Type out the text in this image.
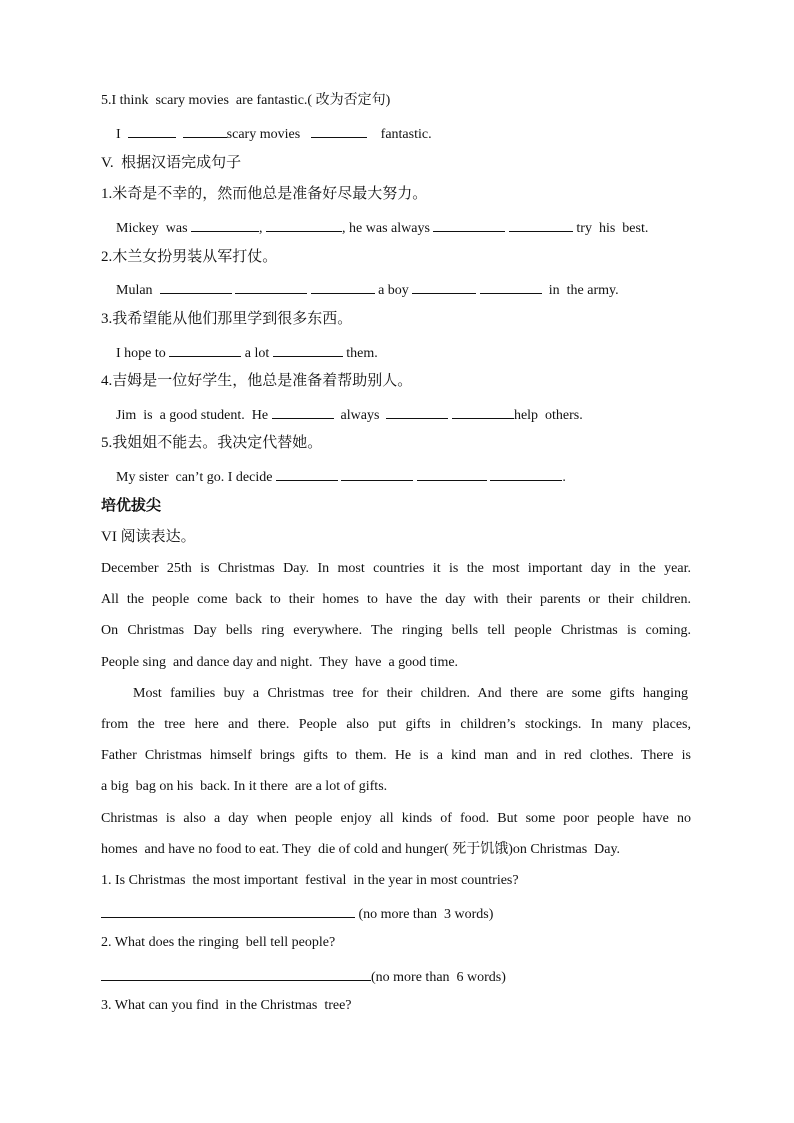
5.I think  scary movies  are fantastic.( 改为否定句)
I	scary movies	fantastic.
V.  根据汉语完成句子
1.米奇是不幸的，然而他总是准备好尽最大努力。
Mickey  was	,	, he was always	try  his  best.
2.木兰女扮男装从军打仗。
Mulan	a boy	in  the army.
3.我希望能从他们那里学到很多东西。
I hope to	a lot	them.
4.吉姆是一位好学生，他总是准备着帮助别人。
Jim  is  a good student.  He	always	help  others.
5.我姐姐不能去。我决定代替她。
My sister  can’t go. I decide	.
培优拔尖
VI 阅读表达。
December 25th is Christmas Day. In most countries it is the most important day in the year.
All the people come back to their homes to have the day with their parents or their children.
On Christmas Day bells ring everywhere. The ringing bells tell people Christmas is coming.
People sing  and dance day and night.  They  have  a good time.
Most families buy a Christmas tree for their children. And there are some gifts hanging
from the tree here and there. People also put gifts in children’s stockings. In many places,
Father Christmas himself brings gifts to them. He is a kind man and in red clothes. There is
a big  bag on his  back. In it there  are a lot of gifts.
Christmas is also a day when people enjoy all kinds of food. But some poor people have no
homes  and have no food to eat. They  die of cold and hunger( 死于饥饿)on Christmas  Day.
1. Is Christmas  the most important  festival  in the year in most countries?
(no more than  3 words)
2. What does the ringing  bell tell people?
(no more than  6 words)
3. What can you find  in the Christmas  tree?
